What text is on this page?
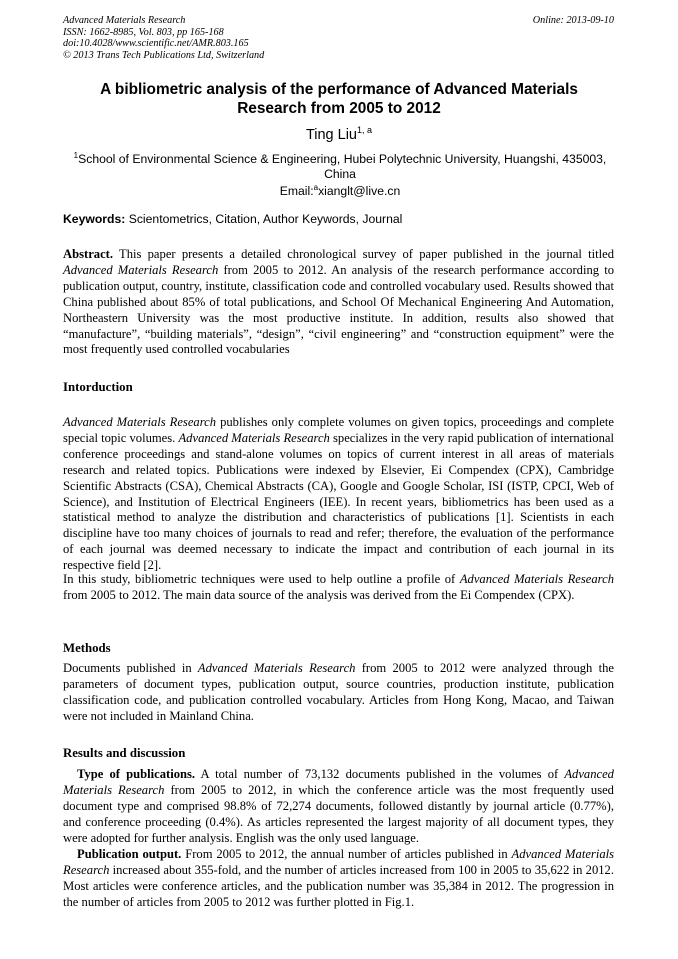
Advanced Materials Research
ISSN: 1662-8985, Vol. 803, pp 165-168
doi:10.4028/www.scientific.net/AMR.803.165
© 2013 Trans Tech Publications Ltd, Switzerland
Online: 2013-09-10
A bibliometric analysis of the performance of Advanced Materials
Research from 2005 to 2012
Ting Liu$^{1, a}$
$^1$School of Environmental Science & Engineering, Hubei Polytechnic University, Huangshi, 435003,
China
Email:$^a$xianglt@live.cn
Keywords: Scientometrics, Citation, Author Keywords, Journal
Abstract. This paper presents a detailed chronological survey of paper published in the journal titled Advanced Materials Research from 2005 to 2012. An analysis of the research performance according to publication output, country, institute, classification code and controlled vocabulary used. Results showed that China published about 85% of total publications, and School Of Mechanical Engineering And Automation, Northeastern University was the most productive institute. In addition, results also showed that “manufacture”, “building materials”, “design”, “civil engineering” and “construction equipment” were the most frequently used controlled vocabularies
Intorduction
Advanced Materials Research publishes only complete volumes on given topics, proceedings and complete special topic volumes. Advanced Materials Research specializes in the very rapid publication of international conference proceedings and stand-alone volumes on topics of current interest in all areas of materials research and related topics. Publications were indexed by Elsevier, Ei Compendex (CPX), Cambridge Scientific Abstracts (CSA), Chemical Abstracts (CA), Google and Google Scholar, ISI (ISTP, CPCI, Web of Science), and Institution of Electrical Engineers (IEE). In recent years, bibliometrics has been used as a statistical method to analyze the distribution and characteristics of publications [1]. Scientists in each discipline have too many choices of journals to read and refer; therefore, the evaluation of the performance of each journal was deemed necessary to indicate the impact and contribution of each journal in its respective field [2].
In this study, bibliometric techniques were used to help outline a profile of Advanced Materials Research from 2005 to 2012. The main data source of the analysis was derived from the Ei Compendex (CPX).
Methods
Documents published in Advanced Materials Research from 2005 to 2012 were analyzed through the parameters of document types, publication output, source countries, production institute, publication classification code, and publication controlled vocabulary. Articles from Hong Kong, Macao, and Taiwan were not included in Mainland China.
Results and discussion
Type of publications. A total number of 73,132 documents published in the volumes of Advanced Materials Research from 2005 to 2012, in which the conference article was the most frequently used document type and comprised 98.8% of 72,274 documents, followed distantly by journal article (0.77%), and conference proceeding (0.4%). As articles represented the largest majority of all document types, they were adopted for further analysis. English was the only used language.
Publication output. From 2005 to 2012, the annual number of articles published in Advanced Materials Research increased about 355-fold, and the number of articles increased from 100 in 2005 to 35,622 in 2012. Most articles were conference articles, and the publication number was 35,384 in 2012. The progression in the number of articles from 2005 to 2012 was further plotted in Fig.1.
